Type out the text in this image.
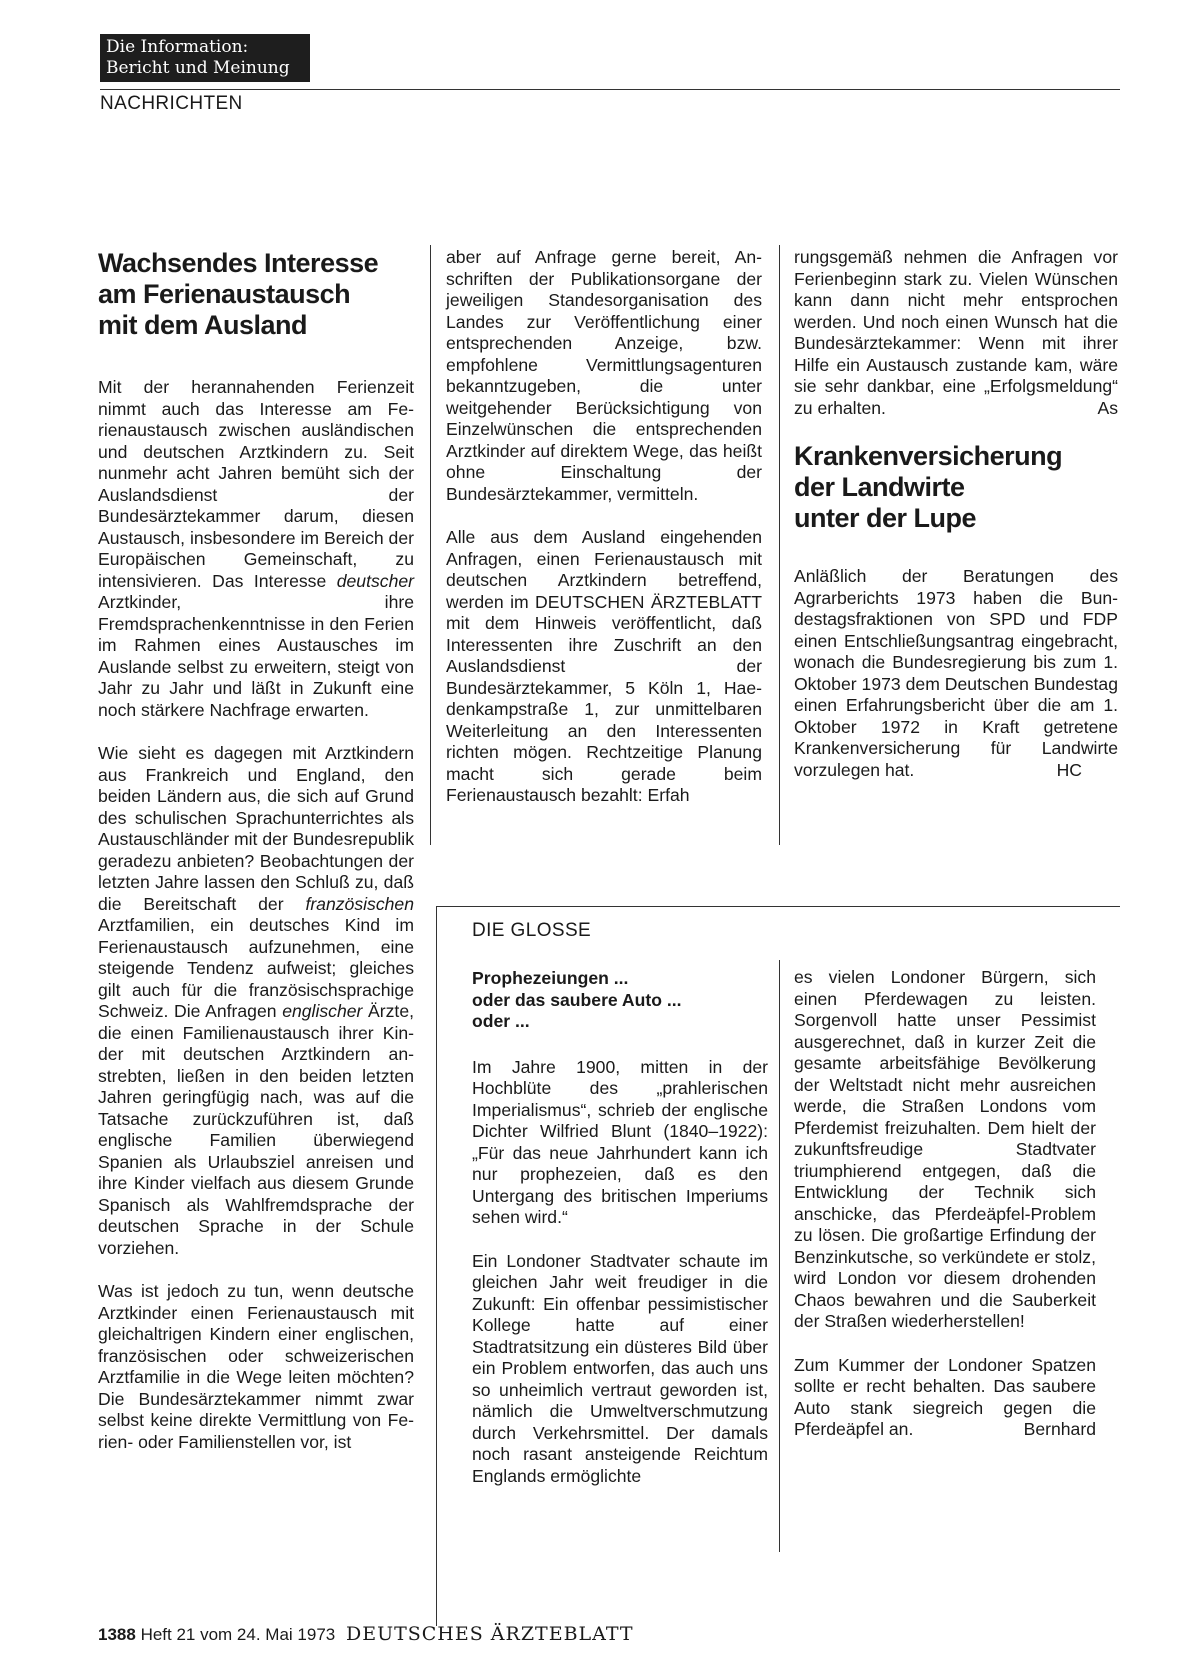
Die Information:
Bericht und Meinung
NACHRICHTEN
Wachsendes Interesse
am Ferienaustausch
mit dem Ausland

Mit der herannahenden Ferienzeit nimmt auch das Interesse am Ferienaustausch zwischen ausländischen und deutschen Arztkindern zu. Seit nunmehr acht Jahren bemüht sich der Auslandsdienst der Bundesärztekammer darum, diesen Austausch, insbesondere im Bereich der Europäischen Gemeinschaft, zu intensivieren. Das Interesse deutscher Arztkinder, ihre Fremdsprachenkenntnisse in den Ferien im Rahmen eines Austausches im Auslande selbst zu erweitern, steigt von Jahr zu Jahr und läßt in Zukunft eine noch stärkere Nachfrage erwarten.

Wie sieht es dagegen mit Arztkindern aus Frankreich und England, den beiden Ländern aus, die sich auf Grund des schulischen Sprachunterrichtes als Austauschländer mit der Bundesrepublik geradezu anbieten? Beobachtungen der letzten Jahre lassen den Schluß zu, daß die Bereitschaft der französischen Arztfamilien, ein deutsches Kind im Ferienaustausch aufzunehmen, eine steigende Tendenz aufweist; gleiches gilt auch für die französischsprachige Schweiz. Die Anfragen englischer Ärzte, die einen Familienaustausch ihrer Kinder mit deutschen Arztkindern anstrebten, ließen in den beiden letzten Jahren geringfügig nach, was auf die Tatsache zurückzuführen ist, daß englische Familien überwiegend Spanien als Urlaubsziel anreisen und ihre Kinder vielfach aus diesem Grunde Spanisch als Wahlfremdsprache der deutschen Sprache in der Schule vorziehen.

Was ist jedoch zu tun, wenn deutsche Arztkinder einen Ferienaustausch mit gleichaltrigen Kindern einer englischen, französischen oder schweizerischen Arztfamilie in die Wege leiten möchten? Die Bundesärztekammer nimmt zwar selbst keine direkte Vermittlung von Ferien- oder Familienstellen vor, ist

aber auf Anfrage gerne bereit, Anschriften der Publikationsorgane der jeweiligen Standesorganisation des Landes zur Veröffentlichung einer entsprechenden Anzeige, bzw. empfohlene Vermittlungsagenturen bekanntzugeben, die unter weitgehender Berücksichtigung von Einzelwünschen die entsprechenden Arztkinder auf direktem Wege, das heißt ohne Einschaltung der Bundesärztekammer, vermitteln.

Alle aus dem Ausland eingehenden Anfragen, einen Ferienaustausch mit deutschen Arztkindern betreffend, werden im DEUTSCHEN ÄRZTEBLATT mit dem Hinweis veröffentlicht, daß Interessenten ihre Zuschrift an den Auslandsdienst der Bundesärztekammer, 5 Köln 1, Haedenkampstraße 1, zur unmittelbaren Weiterleitung an den Interessenten richten mögen. Rechtzeitige Planung macht sich gerade beim Ferienaustausch bezahlt: Erfah

rungsgemäß nehmen die Anfragen vor Ferienbeginn stark zu. Vielen Wünschen kann dann nicht mehr entsprochen werden. Und noch einen Wunsch hat die Bundesärztekammer: Wenn mit ihrer Hilfe ein Austausch zustande kam, wäre sie sehr dankbar, eine „Erfolgsmeldung“ zu erhalten.	As

Krankenversicherung
der Landwirte
unter der Lupe

Anläßlich der Beratungen des Agrarberichts 1973 haben die Bundestagsfraktionen von SPD und FDP einen Entschließungsantrag eingebracht, wonach die Bundesregierung bis zum 1. Oktober 1973 dem Deutschen Bundestag einen Erfahrungsbericht über die am 1. Oktober 1972 in Kraft getretene Krankenversicherung für Landwirte vorzulegen hat.	HC

DIE GLOSSE

Prophezeiungen ...
oder das saubere Auto ...
oder ...

Im Jahre 1900, mitten in der Hochblüte des „prahlerischen Imperialismus“, schrieb der englische Dichter Wilfried Blunt (1840–1922): „Für das neue Jahrhundert kann ich nur prophezeien, daß es den Untergang des britischen Imperiums sehen wird.“

Ein Londoner Stadtvater schaute im gleichen Jahr weit freudiger in die Zukunft: Ein offenbar pessimistischer Kollege hatte auf einer Stadtratsitzung ein düsteres Bild über ein Problem entworfen, das auch uns so unheimlich vertraut geworden ist, nämlich die Umweltverschmutzung durch Verkehrsmittel. Der damals noch rasant ansteigende Reichtum Englands ermöglichte

es vielen Londoner Bürgern, sich einen Pferdewagen zu leisten. Sorgenvoll hatte unser Pessimist ausgerechnet, daß in kurzer Zeit die gesamte arbeitsfähige Bevölkerung der Weltstadt nicht mehr ausreichen werde, die Straßen Londons vom Pferdemist freizuhalten. Dem hielt der zukunftsfreudige Stadtvater triumphierend entgegen, daß die Entwicklung der Technik sich anschicke, das Pferdeäpfel-Problem zu lösen. Die großartige Erfindung der Benzinkutsche, so verkündete er stolz, wird London vor diesem drohenden Chaos bewahren und die Sauberkeit der Straßen wiederherstellen!

Zum Kummer der Londoner Spatzen sollte er recht behalten. Das saubere Auto stank siegreich gegen die Pferdeäpfel an.	Bernhard

1388 Heft 21 vom 24. Mai 1973 DEUTSCHES ÄRZTEBLATT
